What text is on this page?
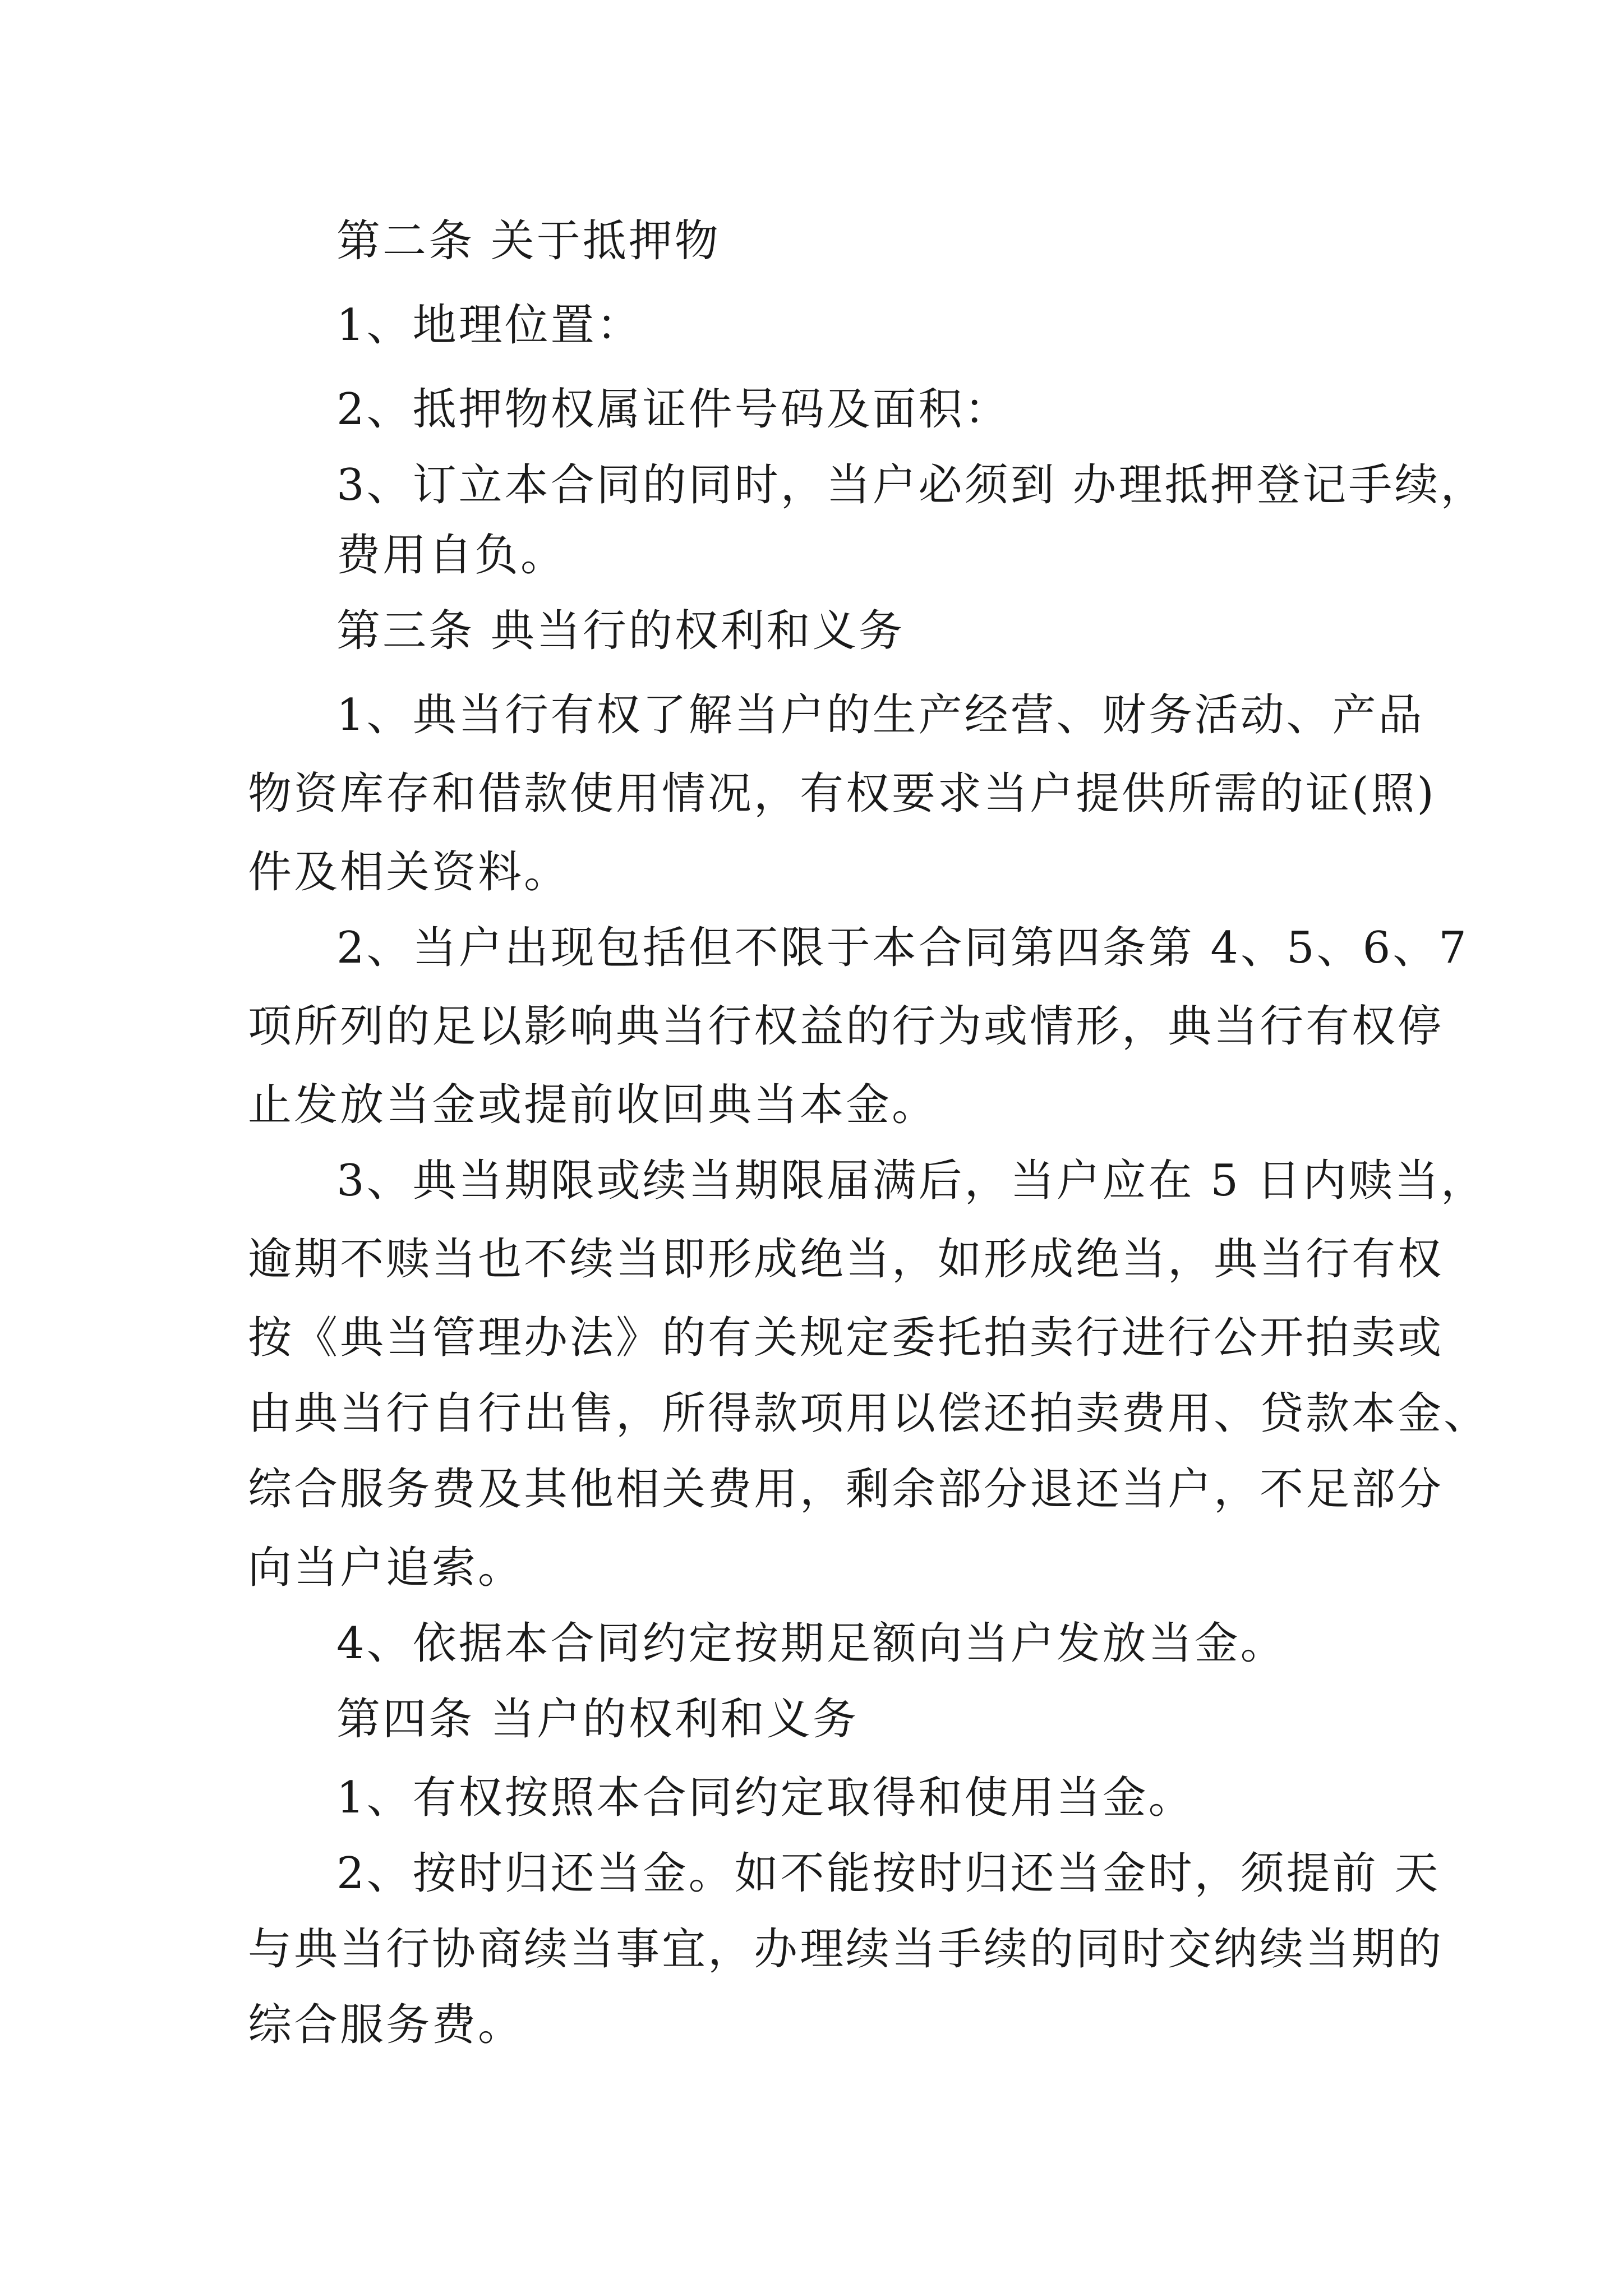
第二条 关于抵押物

1、地理位置：

2、抵押物权属证件号码及面积：

3、订立本合同的同时，当户必须到 办理抵押登记手续，

费用自负。

第三条 典当行的权利和义务

1、典当行有权了解当户的生产经营、财务活动、产品

物资库存和借款使用情况，有权要求当户提供所需的证(照)

件及相关资料。

2、当户出现包括但不限于本合同第四条第 4、5、6、7

项所列的足以影响典当行权益的行为或情形，典当行有权停

止发放当金或提前收回典当本金。

3、典当期限或续当期限届满后，当户应在 5 日内赎当，

逾期不赎当也不续当即形成绝当，如形成绝当，典当行有权

按《典当管理办法》的有关规定委托拍卖行进行公开拍卖或

由典当行自行出售，所得款项用以偿还拍卖费用、贷款本金、

综合服务费及其他相关费用，剩余部分退还当户，不足部分

向当户追索。

4、依据本合同约定按期足额向当户发放当金。

第四条 当户的权利和义务

1、有权按照本合同约定取得和使用当金。

2、按时归还当金。如不能按时归还当金时，须提前 天

与典当行协商续当事宜，办理续当手续的同时交纳续当期的

综合服务费。
